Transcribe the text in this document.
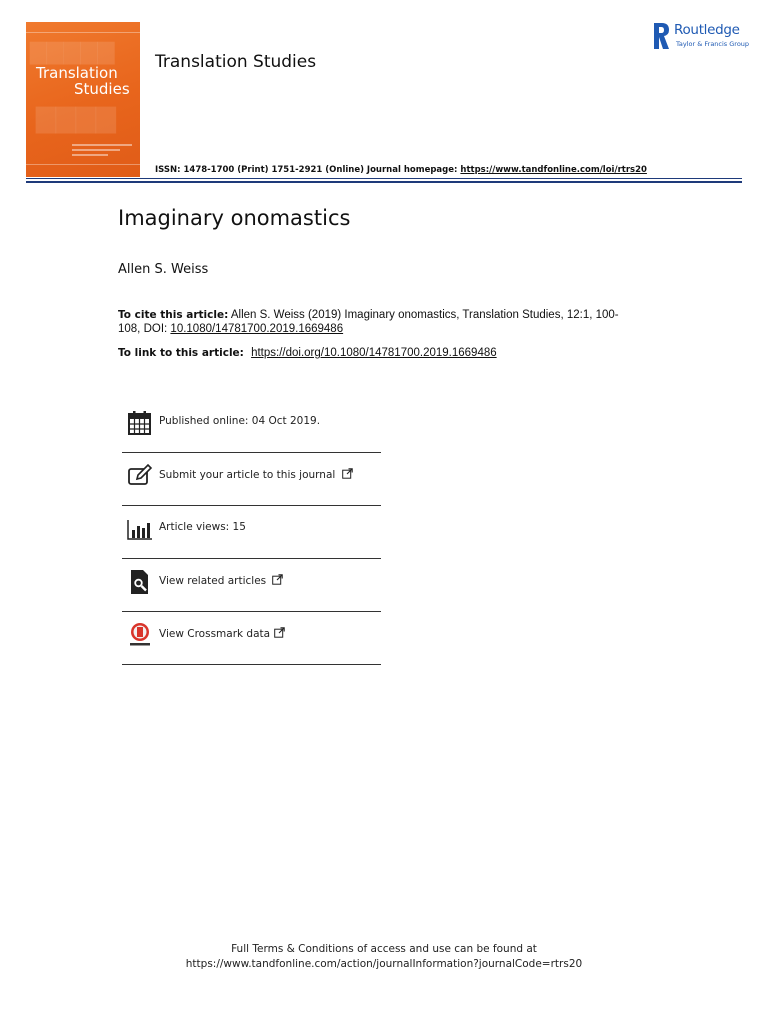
▇▇▇▇▇
▇▇▇▇
Translation
Studies
Translation Studies
Routledge
Taylor & Francis Group
ISSN: 1478-1700 (Print) 1751-2921 (Online) Journal homepage: https://www.tandfonline.com/loi/rtrs20
Imaginary onomastics
Allen S. Weiss
To cite this article: Allen S. Weiss (2019) Imaginary onomastics, Translation Studies, 12:1, 100-108, DOI: 10.1080/14781700.2019.1669486
To link to this article: https://doi.org/10.1080/14781700.2019.1669486
Published online: 04 Oct 2019.
Submit your article to this journal
Article views: 15
View related articles
View Crossmark data
Full Terms & Conditions of access and use can be found at
https://www.tandfonline.com/action/journalInformation?journalCode=rtrs20
